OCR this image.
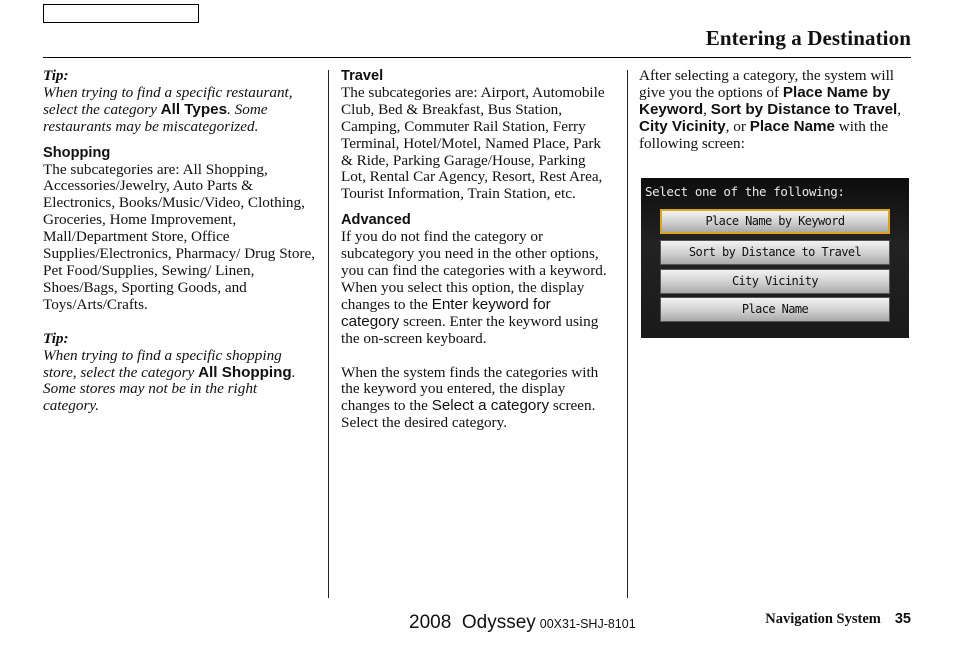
Entering a Destination

Tip:

When trying to find a specific restaurant, select the category All Types. Some restaurants may be miscategorized.

Shopping

The subcategories are: All Shopping, Accessories/Jewelry, Auto Parts & Electronics, Books/Music/Video, Clothing, Groceries, Home Improvement, Mall/Department Store, Office Supplies/Electronics, Pharmacy/ Drug Store, Pet Food/Supplies, Sewing/ Linen, Shoes/Bags, Sporting Goods, and Toys/Arts/Crafts.

Tip:

When trying to find a specific shopping store, select the category All Shopping. Some stores may not be in the right category.

Travel

The subcategories are: Airport, Automobile Club, Bed & Breakfast, Bus Station, Camping, Commuter Rail Station, Ferry Terminal, Hotel/Motel, Named Place, Park & Ride, Parking Garage/House, Parking Lot, Rental Car Agency, Resort, Rest Area, Tourist Information, Train Station, etc.

Advanced

If you do not find the category or subcategory you need in the other options, you can find the categories with a keyword. When you select this option, the display changes to the Enter keyword for category screen. Enter the keyword using the on-screen keyboard.

When the system finds the categories with the keyword you entered, the display changes to the Select a category screen. Select the desired category.

After selecting a category, the system will give you the options of Place Name by Keyword, Sort by Distance to Travel, City Vicinity, or Place Name with the following screen:

Select one of the following:
Place Name by Keyword
Sort by Distance to Travel
City Vicinity
Place Name
2008 Odyssey 00X31-SHJ-8101	Navigation System 35
